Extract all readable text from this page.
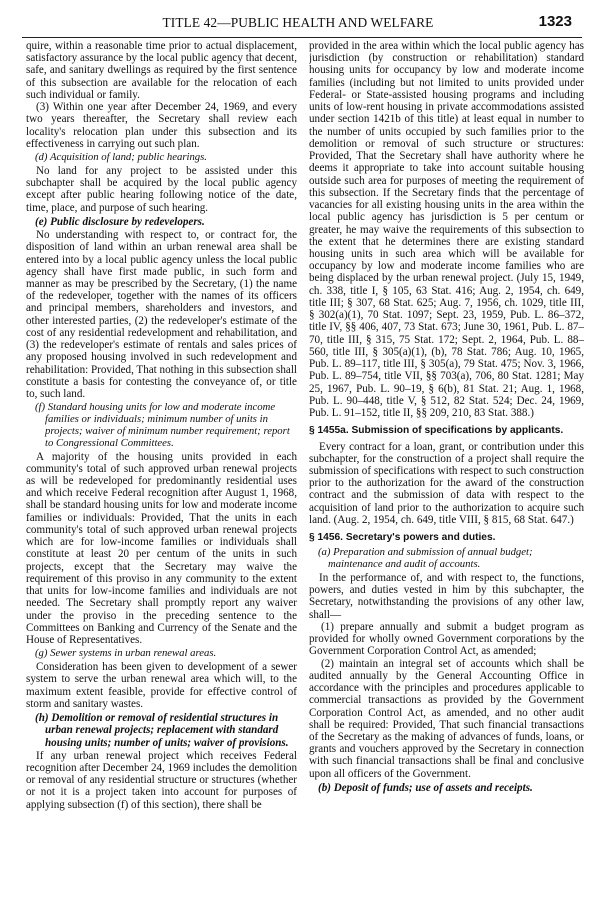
TITLE 42—PUBLIC HEALTH AND WELFARE	1323

quire, within a reasonable time prior to actual displacement, satisfactory assurance by the local public agency that decent, safe, and sanitary dwellings as required by the first sentence of this subsection are available for the relocation of each such individual or family.

(3) Within one year after December 24, 1969, and every two years thereafter, the Secretary shall review each locality's relocation plan under this subsection and its effectiveness in carrying out such plan.

(d) Acquisition of land; public hearings.

No land for any project to be assisted under this subchapter shall be acquired by the local public agency except after public hearing following notice of the date, time, place, and purpose of such hearing.

(e) Public disclosure by redevelopers.

No understanding with respect to, or contract for, the disposition of land within an urban renewal area shall be entered into by a local public agency unless the local public agency shall have first made public, in such form and manner as may be prescribed by the Secretary, (1) the name of the redeveloper, together with the names of its officers and principal members, shareholders and investors, and other interested parties, (2) the redeveloper's estimate of the cost of any residential redevelopment and rehabilitation, and (3) the redeveloper's estimate of rentals and sales prices of any proposed housing involved in such redevelopment and rehabilitation: Provided, That nothing in this subsection shall constitute a basis for contesting the conveyance of, or title to, such land.

(f) Standard housing units for low and moderate income families or individuals; minimum number of units in projects; waiver of minimum number requirement; report to Congressional Committees.

A majority of the housing units provided in each community's total of such approved urban renewal projects as will be redeveloped for predominantly residential uses and which receive Federal recognition after August 1, 1968, shall be standard housing units for low and moderate income families or individuals: Provided, That the units in each community's total of such approved urban renewal projects which are for low-income families or individuals shall constitute at least 20 per centum of the units in such projects, except that the Secretary may waive the requirement of this proviso in any community to the extent that units for low-income families and individuals are not needed. The Secretary shall promptly report any waiver under the proviso in the preceding sentence to the Committees on Banking and Currency of the Senate and the House of Representatives.

(g) Sewer systems in urban renewal areas.

Consideration has been given to development of a sewer system to serve the urban renewal area which will, to the maximum extent feasible, provide for effective control of storm and sanitary wastes.

(h) Demolition or removal of residential structures in urban renewal projects; replacement with standard housing units; number of units; waiver of provisions.

If any urban renewal project which receives Federal recognition after December 24, 1969 includes the demolition or removal of any residential structure or structures (whether or not it is a project taken into account for purposes of applying subsection (f) of this section), there shall be

provided in the area within which the local public agency has jurisdiction (by construction or rehabilitation) standard housing units for occupancy by low and moderate income families (including but not limited to units provided under Federal- or State-assisted housing programs and including units of low-rent housing in private accommodations assisted under section 1421b of this title) at least equal in number to the number of units occupied by such families prior to the demolition or removal of such structure or structures: Provided, That the Secretary shall have authority where he deems it appropriate to take into account suitable housing outside such area for purposes of meeting the requirement of this subsection. If the Secretary finds that the percentage of vacancies for all existing housing units in the area within the local public agency has jurisdiction is 5 per centum or greater, he may waive the requirements of this subsection to the extent that he determines there are existing standard housing units in such area which will be available for occupancy by low and moderate income families who are being displaced by the urban renewal project. (July 15, 1949, ch. 338, title I, § 105, 63 Stat. 416; Aug. 2, 1954, ch. 649, title III; § 307, 68 Stat. 625; Aug. 7, 1956, ch. 1029, title III, § 302(a)(1), 70 Stat. 1097; Sept. 23, 1959, Pub. L. 86–372, title IV, §§ 406, 407, 73 Stat. 673; June 30, 1961, Pub. L. 87–70, title III, § 315, 75 Stat. 172; Sept. 2, 1964, Pub. L. 88–560, title III, § 305(a)(1), (b), 78 Stat. 786; Aug. 10, 1965, Pub. L. 89–117, title III, § 305(a), 79 Stat. 475; Nov. 3, 1966, Pub. L. 89–754, title VII, §§ 703(a), 706, 80 Stat. 1281; May 25, 1967, Pub. L. 90–19, § 6(b), 81 Stat. 21; Aug. 1, 1968, Pub. L. 90–448, title V, § 512, 82 Stat. 524; Dec. 24, 1969, Pub. L. 91–152, title II, §§ 209, 210, 83 Stat. 388.)

§ 1455a. Submission of specifications by applicants.

Every contract for a loan, grant, or contribution under this subchapter, for the construction of a project shall require the submission of specifications with respect to such construction prior to the authorization for the award of the construction contract and the submission of data with respect to the acquisition of land prior to the authorization to acquire such land. (Aug. 2, 1954, ch. 649, title VIII, § 815, 68 Stat. 647.)

§ 1456. Secretary's powers and duties.

(a) Preparation and submission of annual budget; maintenance and audit of accounts.

In the performance of, and with respect to, the functions, powers, and duties vested in him by this subchapter, the Secretary, notwithstanding the provisions of any other law, shall—

(1) prepare annually and submit a budget program as provided for wholly owned Government corporations by the Government Corporation Control Act, as amended;

(2) maintain an integral set of accounts which shall be audited annually by the General Accounting Office in accordance with the principles and procedures applicable to commercial transactions as provided by the Government Corporation Control Act, as amended, and no other audit shall be required: Provided, That such financial transactions of the Secretary as the making of advances of funds, loans, or grants and vouchers approved by the Secretary in connection with such financial transactions shall be final and conclusive upon all officers of the Government.

(b) Deposit of funds; use of assets and receipts.
